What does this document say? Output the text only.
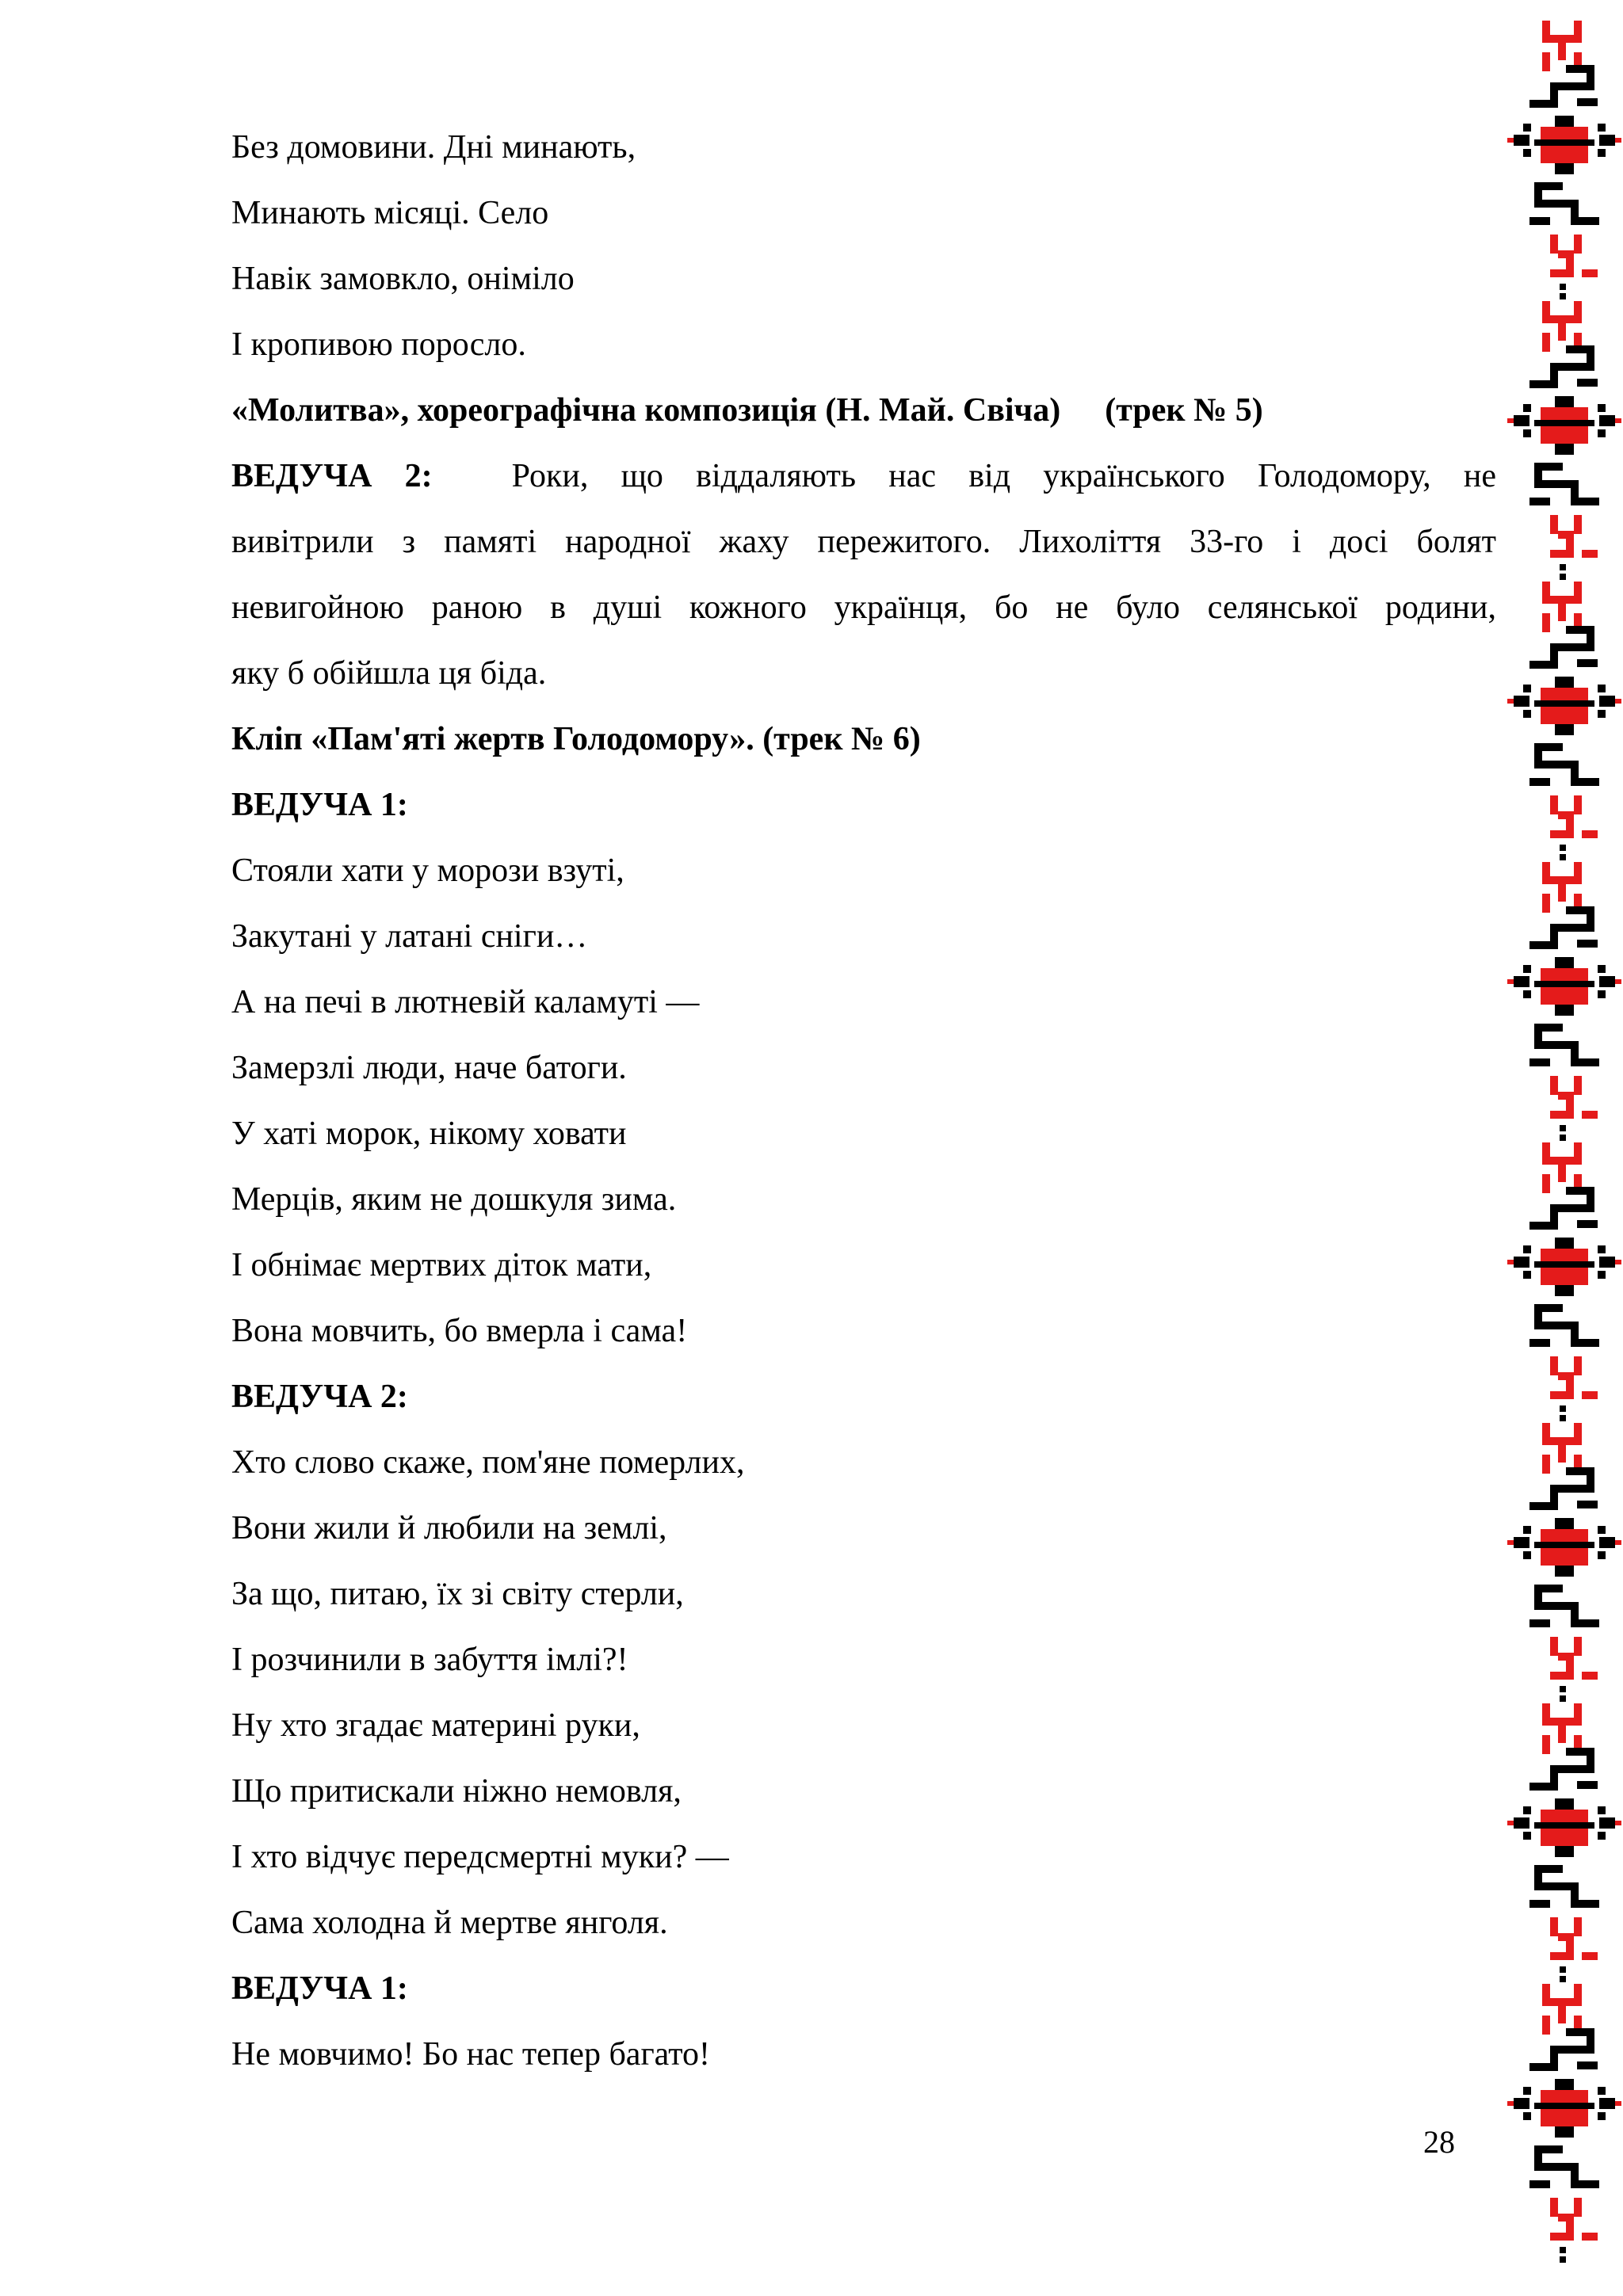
Без домовини. Дні минають,

Минають місяці. Село

Навік замовкло, оніміло

І кропивою поросло.

«Молитва», хореографічна композиція (Н. Май. Свіча) (трек № 5)

ВЕДУЧА 2: Роки, що віддаляють нас від українського Голодомору, не

вивітрили з памяті народної жаху пережитого. Лихоліття 33-го і досі болят

невигойною раною в душі кожного українця, бо не було селянської родини,

яку б обійшла ця біда.

Кліп «Пам'яті жертв Голодомору». (трек № 6)

ВЕДУЧА 1:

Стояли хати у морози взуті,

Закутані у латані сніги…

А на печі в лютневій каламуті —

Замерзлі люди, наче батоги.

У хаті морок, нікому ховати

Мерців, яким не дошкуля зима.

І обнімає мертвих діток мати,

Вона мовчить, бо вмерла і сама!

ВЕДУЧА 2:

Хто слово скаже, пом'яне померлих,

Вони жили й любили на землі,

За що, питаю, їх зі світу стерли,

І розчинили в забуття імлі?!

Ну хто згадає материні руки,

Що притискали ніжно немовля,

І хто відчує передсмертні муки? —

Сама холодна й мертве янголя.

ВЕДУЧА 1:

Не мовчимо! Бо нас тепер багато!

28
